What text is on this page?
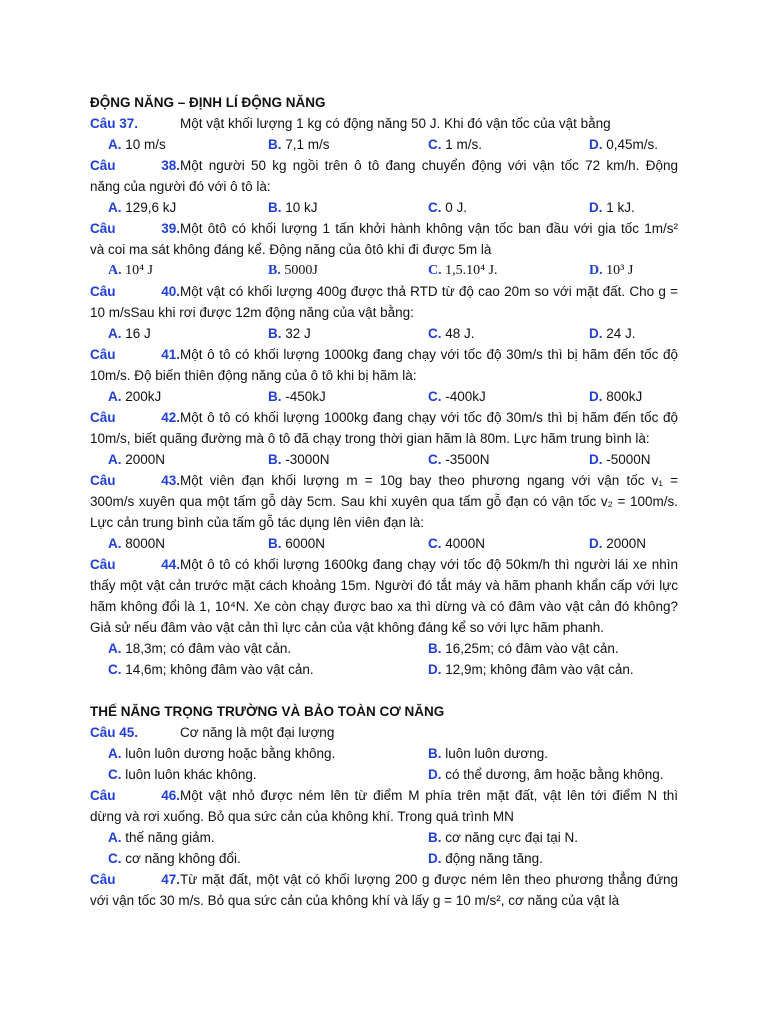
ĐỘNG NĂNG – ĐỊNH LÍ ĐỘNG NĂNG
Câu 37.	Một vật khối lượng 1 kg có động năng 50 J. Khi đó vận tốc của vật bằng
A. 10 m/s	B. 7,1 m/s	C. 1 m/s.	D. 0,45m/s.
Câu 38.Một người 50 kg ngồi trên ô tô đang chuyển động với vận tốc 72 km/h. Động
năng của người đó với ô tô là:
A. 129,6 kJ	B. 10 kJ	C. 0 J.	D. 1 kJ.
Câu 39.Một ôtô có khối lượng 1 tấn khởi hành không vận tốc ban đầu với gia tốc 1m/s²
và coi ma sát không đáng kể. Động năng của ôtô khi đi được 5m là
A. 10⁴ J	B. 5000J	C. 1,5.10⁴ J.	D. 10³ J
Câu 40.Một vật có khối lượng 400g được thả RTD từ độ cao 20m so với mặt đất. Cho g =
10 m/sSau khi rơi được 12m động năng của vật bằng:
A. 16 J	B. 32 J	C. 48 J.	D. 24 J.
Câu 41.Một ô tô có khối lượng 1000kg đang chạy với tốc độ 30m/s thì bị hãm đến tốc độ
10m/s. Độ biến thiên động năng của ô tô khi bị hãm là:
A. 200kJ	B. -450kJ	C. -400kJ	D. 800kJ
Câu 42.Một ô tô có khối lượng 1000kg đang chạy với tốc độ 30m/s thì bị hãm đến tốc độ
10m/s, biết quãng đường mà ô tô đã chạy trong thời gian hãm là 80m. Lực hãm trung bình là:
A. 2000N	B. -3000N	C. -3500N	D. -5000N
Câu 43.Một viên đạn khối lượng m = 10g bay theo phương ngang với vận tốc v₁ =
300m/s xuyên qua một tấm gỗ dày 5cm. Sau khi xuyên qua tấm gỗ đạn có vận tốc v₂ = 100m/s.
Lực cản trung bình của tấm gỗ tác dụng lên viên đạn là:
A. 8000N	B. 6000N	C. 4000N	D. 2000N
Câu 44.Một ô tô có khối lượng 1600kg đang chạy với tốc độ 50km/h thì người lái xe nhìn
thấy một vật cản trước mặt cách khoảng 15m. Người đó tắt máy và hãm phanh khẩn cấp với lực
hãm không đổi là 1, 10⁴N. Xe còn chạy được bao xa thì dừng và có đâm vào vật cản đó không?
Giả sử nếu đâm vào vật cản thì lực cản của vật không đáng kể so với lực hãm phanh.
A. 18,3m; có đâm vào vật cản.	B. 16,25m; có đâm vào vật cản.
C. 14,6m; không đâm vào vật cản.	D. 12,9m; không đâm vào vật cản.
THẾ NĂNG TRỌNG TRƯỜNG VÀ BẢO TOÀN CƠ NĂNG
Câu 45.	Cơ năng là một đại lượng
A. luôn luôn dương hoặc bằng không.	B. luôn luôn dương.
C. luôn luôn khác không.	D. có thể dương, âm hoặc bằng không.
Câu 46.Một vật nhỏ được ném lên từ điểm M phía trên mặt đất, vật lên tới điểm N thì
dừng và rơi xuống. Bỏ qua sức cản của không khí. Trong quá trình MN
A. thế năng giảm.	B. cơ năng cực đại tại N.
C. cơ năng không đổi.	D. động năng tăng.
Câu 47.Từ mặt đất, một vật có khối lượng 200 g được ném lên theo phương thẳng đứng
với vận tốc 30 m/s. Bỏ qua sức cản của không khí và lấy g = 10 m/s², cơ năng của vật là
